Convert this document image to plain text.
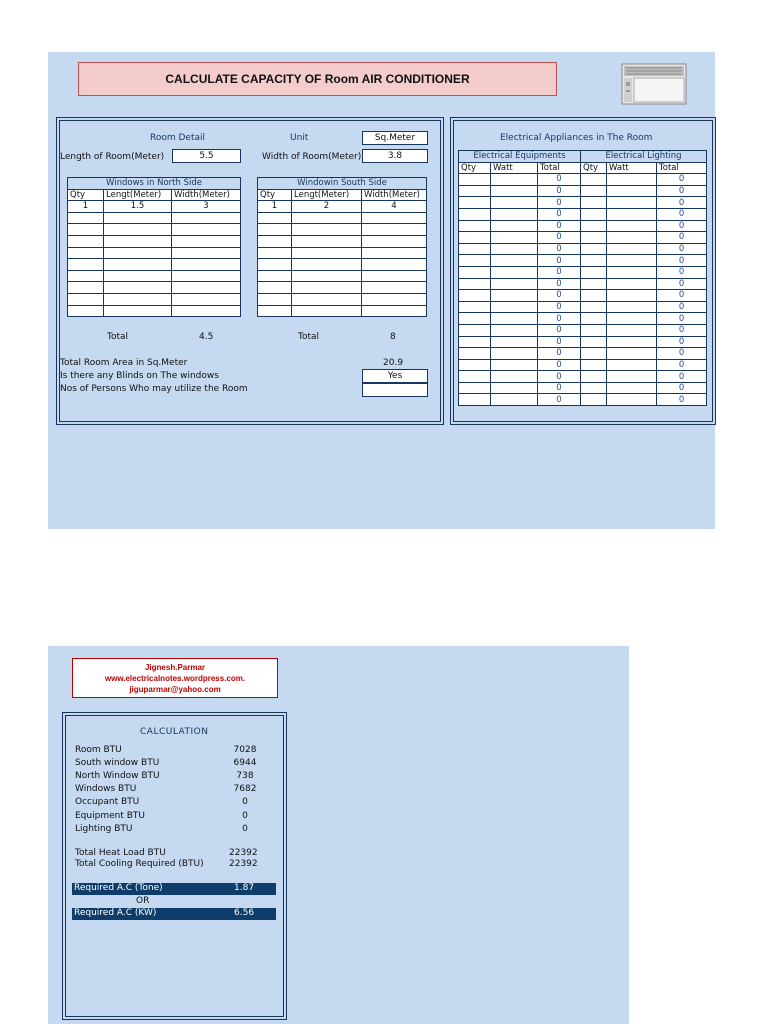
CALCULATE CAPACITY OF Room AIR CONDITIONER
Room Detail	Unit	Sq.Meter
Length of Room(Meter)	5.5	Width of Room(Meter)	3.8
Windows in North Side		
Qty	Lengt(Meter)	Width(Meter)
1	1.5	3

Windowin South Side		
Qty	Lengt(Meter)	Width(Meter)
1	2	4

Total	4.5	Total	8
Total Room Area in Sq.Meter	20.9
Is there any Blinds on The windows	Yes
Nos of Persons Who may utilize the Room
Electrical Appliances in The Room
Electrical Equipments			Electrical Lighting		
Qty	Watt	Total	Qty	Watt	Total
		0			0
		0			0
		0			0
		0			0
		0			0
		0			0
		0			0
		0			0
		0			0
		0			0
		0			0
		0			0
		0			0
		0			0
		0			0
		0			0
		0			0
		0			0
		0			0
		0			0
Jignesh.Parmar
www.electricalnotes.wordpress.com.
jiguparmar@yahoo.com
CALCULATION
Room BTU	7028
South window BTU	6944
North Window BTU	738
Windows BTU	7682
Occupant BTU	0
Equipment BTU	0
Lighting BTU	0
Total Heat Load BTU	22392
Total Cooling Required (BTU)	22392
Required A.C (Tone)	1.87
OR
Required A.C (KW)	6.56
